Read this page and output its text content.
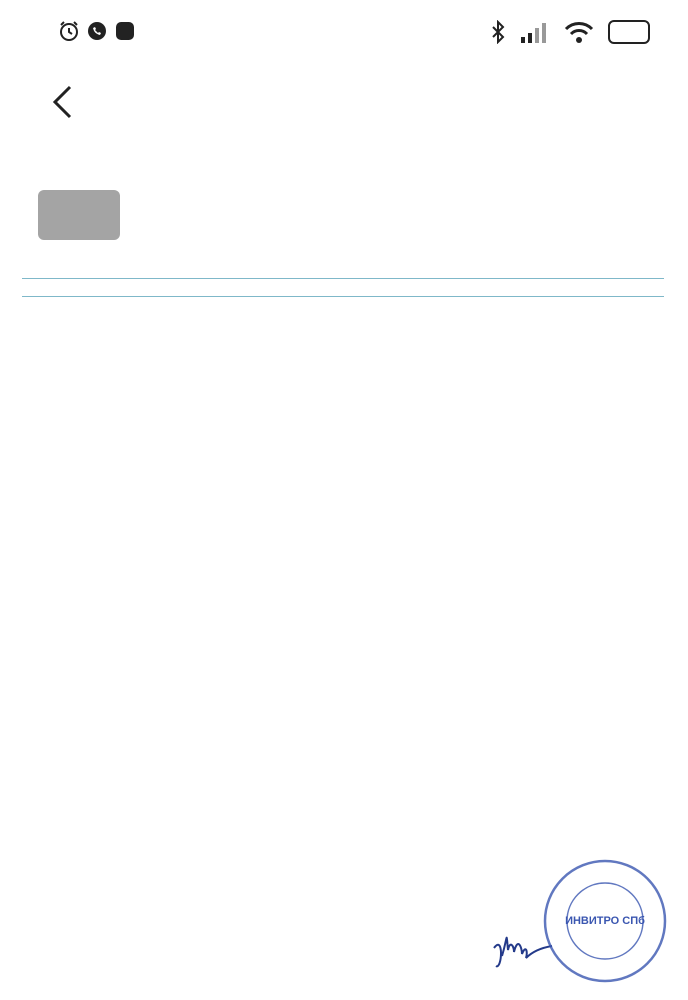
ИНВИТРО СПб
